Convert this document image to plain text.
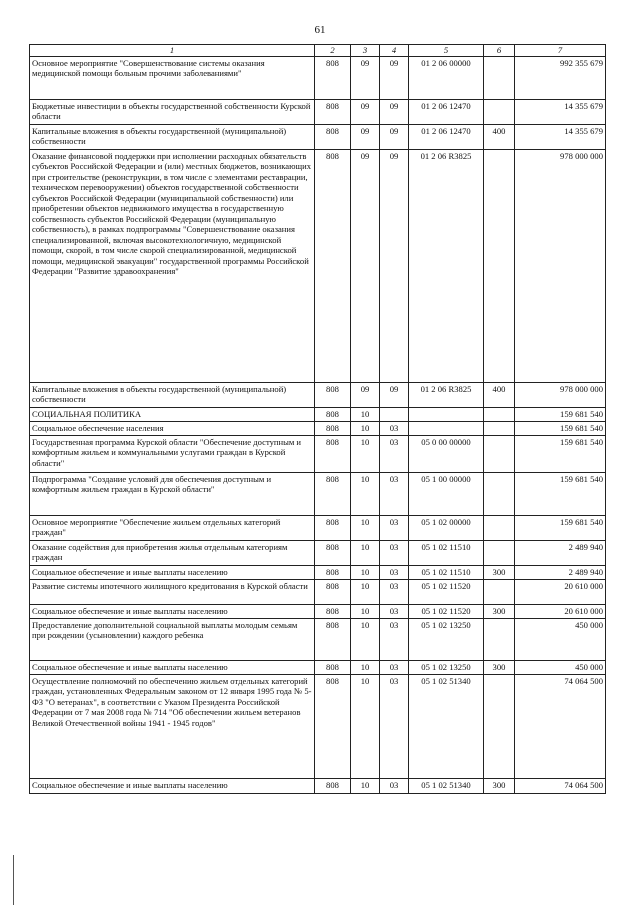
61
1	2	3	4	5	6	7
Основное мероприятие "Совершенствование системы оказания медицинской помощи больным прочими заболеваниями"	808	09	09	01 2 06 00000		992 355 679
Бюджетные инвестиции в объекты государственной собственности Курской области	808	09	09	01 2 06 12470		14 355 679
Капитальные вложения в объекты государственной (муниципальной) собственности	808	09	09	01 2 06 12470	400	14 355 679
Оказание финансовой поддержки при исполнении расходных обязательств субъектов Российской Федерации и (или) местных бюджетов, возникающих при строительстве (реконструкции, в том числе с элементами реставрации, техническом перевооружении) объектов государственной собственности субъектов Российской Федерации (муниципальной собственности) или приобретении объектов недвижимого имущества в государственную собственность субъектов Российской Федерации (муниципальную собственность), в рамках подпрограммы "Совершенствование оказания специализированной, включая высокотехнологичную, медицинской помощи, скорой, в том числе скорой специализированной, медицинской помощи, медицинской эвакуации" государственной программы Российской Федерации "Развитие здравоохранения"	808	09	09	01 2 06 R3825		978 000 000
Капитальные вложения в объекты государственной (муниципальной) собственности	808	09	09	01 2 06 R3825	400	978 000 000
СОЦИАЛЬНАЯ ПОЛИТИКА	808	10				159 681 540
Социальное обеспечение населения	808	10	03			159 681 540
Государственная программа Курской области "Обеспечение доступным и комфортным жильем и коммунальными услугами граждан в Курской области"	808	10	03	05 0 00 00000		159 681 540
Подпрограмма "Создание условий для обеспечения доступным и комфортным жильем граждан в Курской области"	808	10	03	05 1 00 00000		159 681 540
Основное мероприятие "Обеспечение жильем отдельных категорий граждан"	808	10	03	05 1 02 00000		159 681 540
Оказание содействия для приобретения жилья отдельным категориям граждан	808	10	03	05 1 02 11510		2 489 940
Социальное обеспечение и иные выплаты населению	808	10	03	05 1 02 11510	300	2 489 940
Развитие системы ипотечного жилищного кредитования в Курской области	808	10	03	05 1 02 11520		20 610 000
Социальное обеспечение и иные выплаты населению	808	10	03	05 1 02 11520	300	20 610 000
Предоставление дополнительной социальной выплаты молодым семьям при рождении (усыновлении) каждого ребенка	808	10	03	05 1 02 13250		450 000
Социальное обеспечение и иные выплаты населению	808	10	03	05 1 02 13250	300	450 000
Осуществление полномочий по обеспечению жильем отдельных категорий граждан, установленных Федеральным законом от 12 января 1995 года № 5-ФЗ "О ветеранах", в соответствии с Указом Президента Российской Федерации от 7 мая 2008 года № 714 "Об обеспечении жильем ветеранов Великой Отечественной войны 1941 - 1945 годов"	808	10	03	05 1 02 51340		74 064 500
Социальное обеспечение и иные выплаты населению	808	10	03	05 1 02 51340	300	74 064 500
